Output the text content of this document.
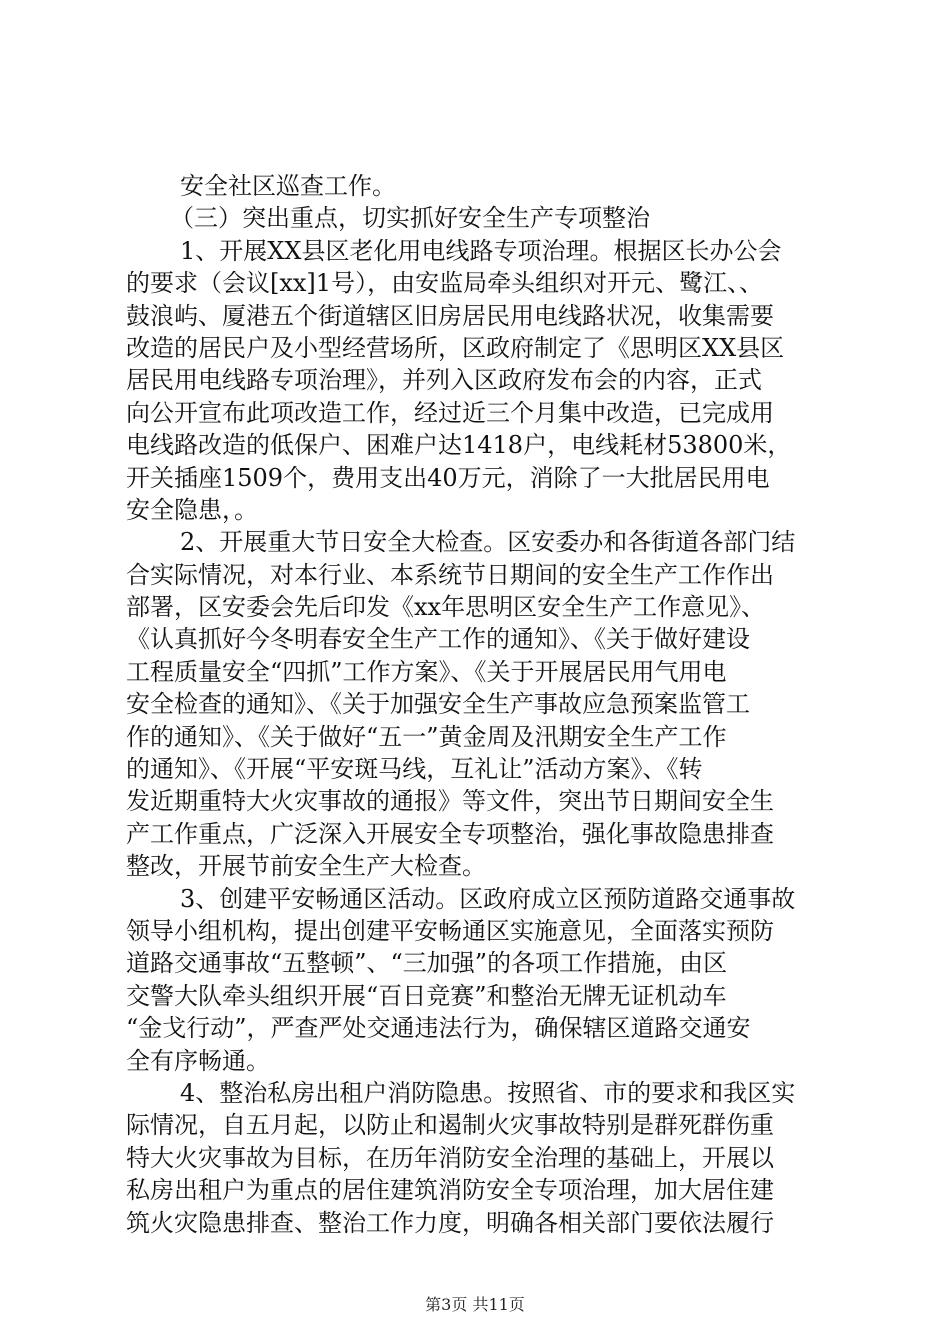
安全社区巡查工作。
（三）突出重点，切实抓好安全生产专项整治
1、开展XX县区老化用电线路专项治理。根据区长办公会
的要求（会议[xx]1号），由安监局牵头组织对开元、鹭江、、
鼓浪屿、厦港五个街道辖区旧房居民用电线路状况，收集需要
改造的居民户及小型经营场所，区政府制定了《思明区XX县区
居民用电线路专项治理》，并列入区政府发布会的内容，正式
向公开宣布此项改造工作，经过近三个月集中改造，已完成用
电线路改造的低保户、困难户达1418户，电线耗材53800米，
开关插座1509个，费用支出40万元，消除了一大批居民用电
安全隐患，。
2、开展重大节日安全大检查。区安委办和各街道各部门结
合实际情况，对本行业、本系统节日期间的安全生产工作作出
部署，区安委会先后印发《xx年思明区安全生产工作意见》、
《认真抓好今冬明春安全生产工作的通知》、《关于做好建设
工程质量安全“四抓”工作方案》、《关于开展居民用气用电
安全检查的通知》、《关于加强安全生产事故应急预案监管工
作的通知》、《关于做好“五一”黄金周及汛期安全生产工作
的通知》、《开展“平安斑马线，互礼让”活动方案》、《转
发近期重特大火灾事故的通报》等文件，突出节日期间安全生
产工作重点，广泛深入开展安全专项整治，强化事故隐患排查
整改，开展节前安全生产大检查。
3、创建平安畅通区活动。区政府成立区预防道路交通事故
领导小组机构，提出创建平安畅通区实施意见，全面落实预防
道路交通事故“五整顿”、“三加强”的各项工作措施，由区
交警大队牵头组织开展“百日竞赛”和整治无牌无证机动车
“金戈行动”，严查严处交通违法行为，确保辖区道路交通安
全有序畅通。
4、整治私房出租户消防隐患。按照省、市的要求和我区实
际情况，自五月起，以防止和遏制火灾事故特别是群死群伤重
特大火灾事故为目标，在历年消防安全治理的基础上，开展以
私房出租户为重点的居住建筑消防安全专项治理，加大居住建
筑火灾隐患排查、整治工作力度，明确各相关部门要依法履行
第3页 共11页
